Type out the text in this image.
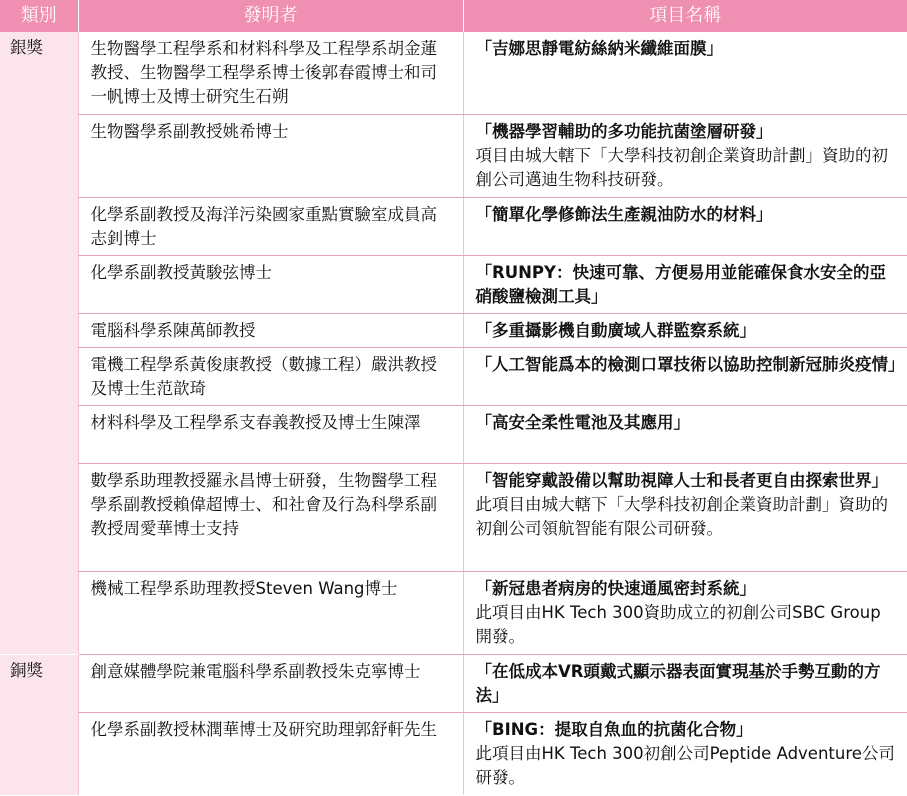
類別	發明者	項目名稱
銀獎	生物醫學工程學系和材料科學及工程學系胡金蓮教授、生物醫學工程學系博士後郭春霞博士和司一帆博士及博士研究生石朔	「吉娜思靜電紡絲納米纖維面膜」

	生物醫學系副教授姚希博士	「機器學習輔助的多功能抗菌塗層研發」
項目由城大轄下「大學科技初創企業資助計劃」資助的初創公司邁迪生物科技研發。

	化學系副教授及海洋污染國家重點實驗室成員高志釗博士	「簡單化學修飾法生產親油防水的材料」

	化學系副教授黃駿弦博士	「RUNPY：快速可靠、方便易用並能確保食水安全的亞硝酸鹽檢測工具」

	電腦科學系陳萬師教授	「多重攝影機自動廣域人群監察系統」

	電機工程學系黃俊康教授（數據工程）嚴洪教授及博士生范歆琦	「人工智能爲本的檢測口罩技術以協助控制新冠肺炎疫情」

	材料科學及工程學系支春義教授及博士生陳澤	「高安全柔性電池及其應用」

	數學系助理教授羅永昌博士研發，生物醫學工程學系副教授賴偉超博士、和社會及行為科學系副教授周愛華博士支持	「智能穿戴設備以幫助視障人士和長者更自由探索世界」
此項目由城大轄下「大學科技初創企業資助計劃」資助的初創公司領航智能有限公司研發。

	機械工程學系助理教授Steven Wang博士	「新冠患者病房的快速通風密封系統」
此項目由HK Tech 300資助成立的初創公司SBC Group開發。

銅獎	創意媒體學院兼電腦科學系副教授朱克寧博士	「在低成本VR頭戴式顯示器表面實現基於手勢互動的方法」

	化學系副教授林潤華博士及研究助理郭舒軒先生	「BING：提取自魚血的抗菌化合物」
此項目由HK Tech 300初創公司Peptide Adventure公司研發。
